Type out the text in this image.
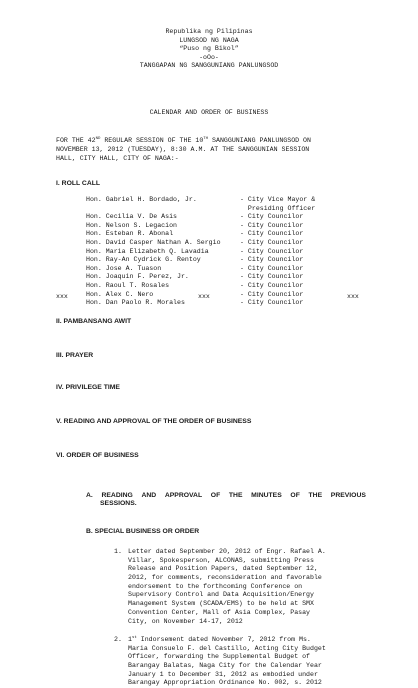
Republika ng Pilipinas
LUNGSOD NG NAGA
“Puso ng Bikol”
-oOo-
TANGGAPAN NG SANGGUNIANG PANLUNGSOD
CALENDAR AND ORDER OF BUSINESS
FOR THE 42ND REGULAR SESSION OF THE 10TH SANGGUNIANG PANLUNGSOD ON
NOVEMBER 13, 2012 (TUESDAY), 8:30 A.M. AT THE SANGGUNIAN SESSION
HALL, CITY HALL, CITY OF NAGA:-
I. ROLL CALL
Hon. Gabriel H. Bordado, Jr.	- City Vice Mayor &
Presiding Officer
Hon. Cecilia V. De Asis	- City Councilor
Hon. Nelson S. Legacion	- City Councilor
Hon. Esteban R. Abonal	- City Councilor
Hon. David Casper Nathan A. Sergio	- City Councilor
Hon. Maria Elizabeth Q. Lavadia	- City Councilor
Hon. Ray-An Cydrick G. Rentoy	- City Councilor
Hon. Jose A. Tuason	- City Councilor
Hon. Joaquin F. Perez, Jr.	- City Councilor
Hon. Raoul T. Rosales	- City Councilor
Hon. Alex C. Nero	- City Councilor
Hon. Dan Paolo R. Morales	- City Councilor
xxx	xxx	xxx
II. PAMBANSANG AWIT
III. PRAYER
IV. PRIVILEGE TIME
V. READING AND APPROVAL OF THE ORDER OF BUSINESS
VI. ORDER OF BUSINESS
A. READING AND APPROVAL OF THE MINUTES OF THE PREVIOUS
SESSIONS.
B. SPECIAL BUSINESS OR ORDER
1. Letter dated September 20, 2012 of Engr. Rafael A.
Villar, Spokesperson, ALCONAS, submitting Press
Release and Position Papers, dated September 12,
2012, for comments, reconsideration and favorable
endorsement to the forthcoming Conference on
Supervisory Control and Data Acquisition/Energy
Management System (SCADA/EMS) to be held at SMX
Convention Center, Mall of Asia Complex, Pasay
City, on November 14-17, 2012
2. 1st Indorsement dated November 7, 2012 from Ms.
Maria Consuelo F. del Castillo, Acting City Budget
Officer, forwarding the Supplemental Budget of
Barangay Balatas, Naga City for the Calendar Year
January 1 to December 31, 2012 as embodied under
Barangay Appropriation Ordinance No. 002, s. 2012
